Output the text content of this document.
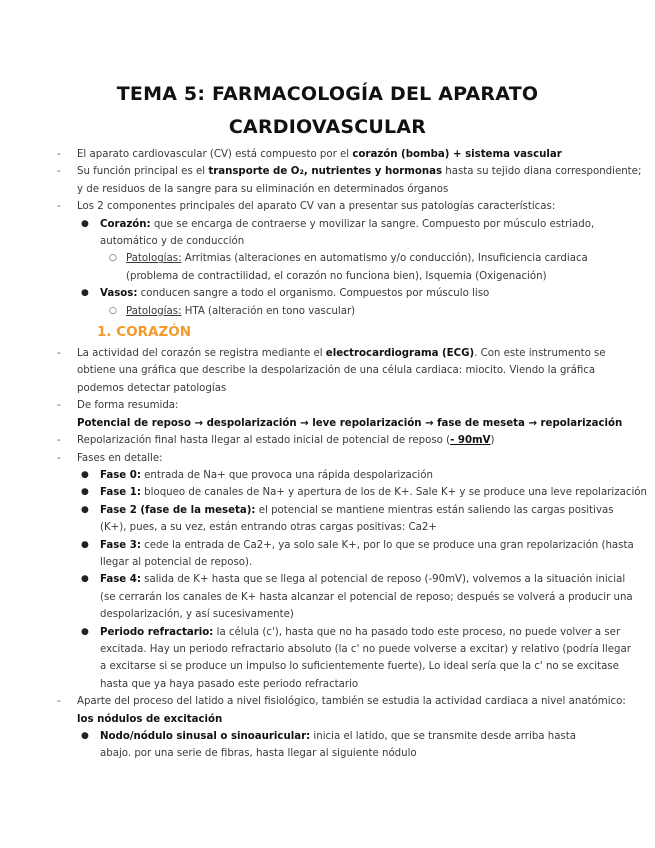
TEMA 5: FARMACOLOGÍA DEL APARATO
CARDIOVASCULAR
- El aparato cardiovascular (CV) está compuesto por el corazón (bomba) + sistema vascular
- Su función principal es el transporte de O₂, nutrientes y hormonas hasta su tejido diana correspondiente;
y de residuos de la sangre para su eliminación en determinados órganos
- Los 2 componentes principales del aparato CV van a presentar sus patologías características:
● Corazón: que se encarga de contraerse y movilizar la sangre. Compuesto por músculo estriado,
automático y de conducción
○ Patologías: Arritmias (alteraciones en automatismo y/o conducción), Insuficiencia cardiaca
(problema de contractilidad, el corazón no funciona bien), Isquemia (Oxigenación)
● Vasos: conducen sangre a todo el organismo. Compuestos por músculo liso
○ Patologías: HTA (alteración en tono vascular)
1. CORAZÓN
- La actividad del corazón se registra mediante el electrocardiograma (ECG). Con este instrumento se
obtiene una gráfica que describe la despolarización de una célula cardiaca: miocito. Viendo la gráfica
podemos detectar patologías
- De forma resumida:
Potencial de reposo → despolarización → leve repolarización → fase de meseta → repolarización
- Repolarización final hasta llegar al estado inicial de potencial de reposo (- 90mV)
- Fases en detalle:
● Fase 0: entrada de Na+ que provoca una rápida despolarización
● Fase 1: bloqueo de canales de Na+ y apertura de los de K+. Sale K+ y se produce una leve repolarización
● Fase 2 (fase de la meseta): el potencial se mantiene mientras están saliendo las cargas positivas
(K+), pues, a su vez, están entrando otras cargas positivas: Ca2+
● Fase 3: cede la entrada de Ca2+, ya solo sale K+, por lo que se produce una gran repolarización (hasta
llegar al potencial de reposo).
● Fase 4: salida de K+ hasta que se llega al potencial de reposo (-90mV), volvemos a la situación inicial
(se cerrarán los canales de K+ hasta alcanzar el potencial de reposo; después se volverá a producir una
despolarización, y así sucesivamente)
● Periodo refractario: la célula (c'), hasta que no ha pasado todo este proceso, no puede volver a ser
excitada. Hay un periodo refractario absoluto (la c' no puede volverse a excitar) y relativo (podría llegar
a excitarse si se produce un impulso lo suficientemente fuerte), Lo ideal sería que la c' no se excitase
hasta que ya haya pasado este periodo refractario
- Aparte del proceso del latido a nivel fisiológico, también se estudia la actividad cardiaca a nivel anatómico:
los nódulos de excitación
● Nodo/nódulo sinusal o sinoauricular: inicia el latido, que se transmite desde arriba hasta
abajo. por una serie de fibras, hasta llegar al siguiente nódulo
